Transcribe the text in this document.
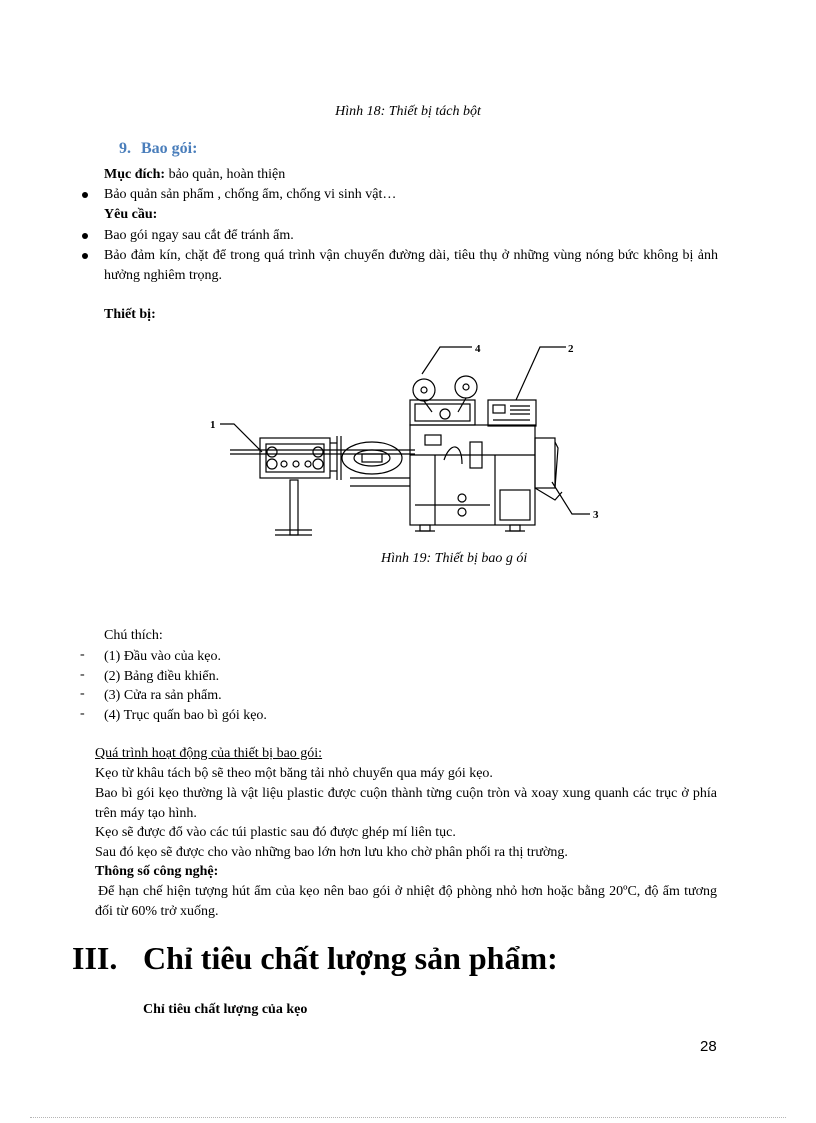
Hình 18: Thiết bị tách bột
9. Bao gói:
Mục đích: bảo quản, hoàn thiện
Bảo quản sản phẩm , chống ẩm, chống vi sinh vật…
Yêu cầu:
Bao gói ngay sau cắt để tránh ẩm.
Bảo đảm kín, chặt để trong quá trình vận chuyển đường dài, tiêu thụ ở những vùng nóng bức không bị ảnh hưởng nghiêm trọng.
Thiết bị:
1
4	2
3
Hình 19: Thiết bị bao g ói
Chú thích:
- (1) Đầu vào của kẹo.
- (2) Bảng điều khiển.
- (3) Cửa ra sản phẩm.
- (4) Trục quấn bao bì gói kẹo.
Quá trình hoạt động của thiết bị bao gói:
Kẹo từ khâu tách bộ sẽ theo một băng tải nhỏ chuyển qua máy gói kẹo.
Bao bì gói kẹo thường là vật liệu plastic được cuộn thành từng cuộn tròn và xoay xung quanh các trục ở phía trên máy tạo hình.
Kẹo sẽ được đổ vào các túi plastic sau đó được ghép mí liên tục.
Sau đó kẹo sẽ được cho vào những bao lớn hơn lưu kho chờ phân phối ra thị trường.
Thông số công nghệ:
Để hạn chế hiện tượng hút ẩm của kẹo nên bao gói ở nhiệt độ phòng nhỏ hơn hoặc bằng 20ºC, độ ẩm tương đối từ 60% trở xuống.
III. Chỉ tiêu chất lượng sản phẩm:
Chỉ tiêu chất lượng của kẹo
28
